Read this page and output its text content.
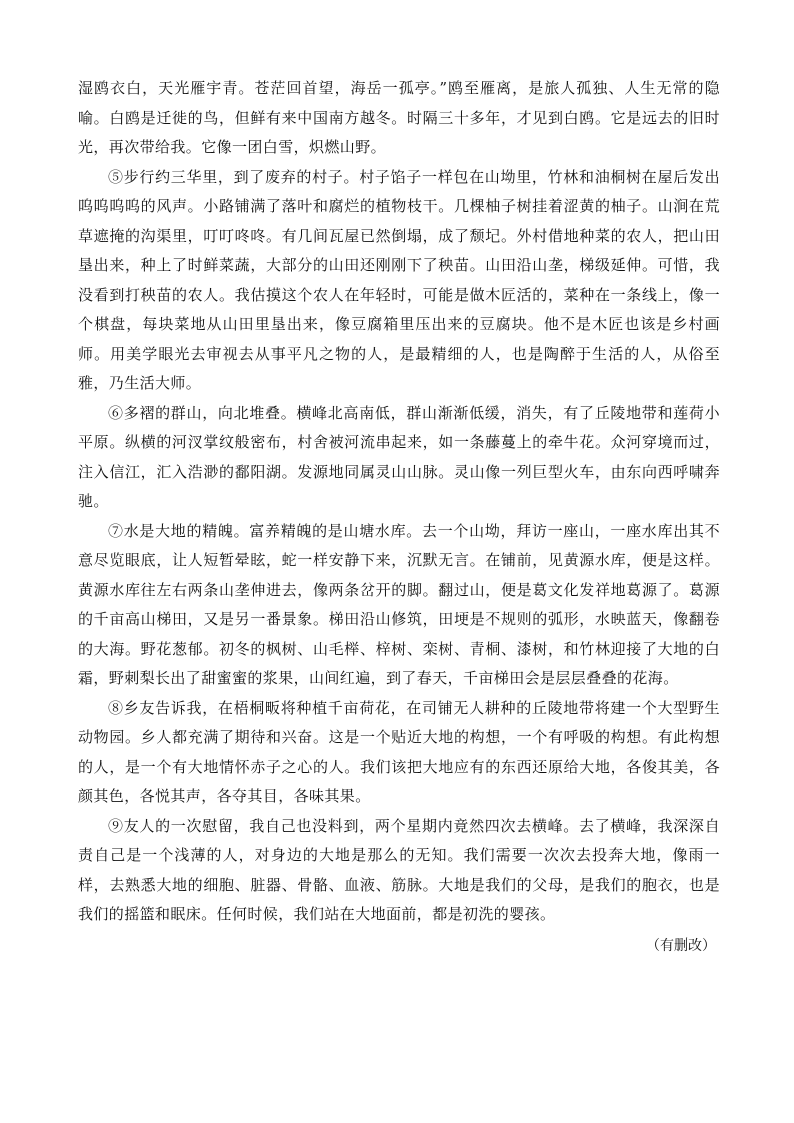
湿鸥衣白，天光雁宇青。苍茫回首望，海岳一孤亭。”鸥至雁离，是旅人孤独、人生无常的隐喻。白鸥是迁徙的鸟，但鲜有来中国南方越冬。时隔三十多年，才见到白鸥。它是远去的旧时光，再次带给我。它像一团白雪，炽燃山野。

⑤步行约三华里，到了废弃的村子。村子馅子一样包在山坳里，竹林和油桐树在屋后发出呜呜呜呜的风声。小路铺满了落叶和腐烂的植物枝干。几棵柚子树挂着涩黄的柚子。山涧在荒草遮掩的沟渠里，叮叮咚咚。有几间瓦屋已然倒塌，成了颓圮。外村借地种菜的农人，把山田垦出来，种上了时鲜菜蔬，大部分的山田还刚刚下了秧苗。山田沿山垄，梯级延伸。可惜，我没看到打秧苗的农人。我估摸这个农人在年轻时，可能是做木匠活的，菜种在一条线上，像一个棋盘，每块菜地从山田里垦出来，像豆腐箱里压出来的豆腐块。他不是木匠也该是乡村画师。用美学眼光去审视去从事平凡之物的人，是最精细的人，也是陶醉于生活的人，从俗至雅，乃生活大师。

⑥多褶的群山，向北堆叠。横峰北高南低，群山渐渐低缓，消失，有了丘陵地带和莲荷小平原。纵横的河汊掌纹般密布，村舍被河流串起来，如一条藤蔓上的牵牛花。众河穿境而过，注入信江，汇入浩渺的鄱阳湖。发源地同属灵山山脉。灵山像一列巨型火车，由东向西呼啸奔驰。

⑦水是大地的精魄。富养精魄的是山塘水库。去一个山坳，拜访一座山，一座水库出其不意尽览眼底，让人短暂晕眩，蛇一样安静下来，沉默无言。在铺前，见黄源水库，便是这样。黄源水库往左右两条山垄伸进去，像两条岔开的脚。翻过山，便是葛文化发祥地葛源了。葛源的千亩高山梯田，又是另一番景象。梯田沿山修筑，田埂是不规则的弧形，水映蓝天，像翻卷的大海。野花葱郁。初冬的枫树、山毛榉、梓树、栾树、青桐、漆树，和竹林迎接了大地的白霜，野刺梨长出了甜蜜蜜的浆果，山间红遍，到了春天，千亩梯田会是层层叠叠的花海。

⑧乡友告诉我，在梧桐畈将种植千亩荷花，在司铺无人耕种的丘陵地带将建一个大型野生动物园。乡人都充满了期待和兴奋。这是一个贴近大地的构想，一个有呼吸的构想。有此构想的人，是一个有大地情怀赤子之心的人。我们该把大地应有的东西还原给大地，各俊其美，各颜其色，各悦其声，各夺其目，各味其果。

⑨友人的一次慰留，我自己也没料到，两个星期内竟然四次去横峰。去了横峰，我深深自责自己是一个浅薄的人，对身边的大地是那么的无知。我们需要一次次去投奔大地，像雨一样，去熟悉大地的细胞、脏器、骨骼、血液、筋脉。大地是我们的父母，是我们的胞衣，也是我们的摇篮和眠床。任何时候，我们站在大地面前，都是初洗的婴孩。

（有删改）
